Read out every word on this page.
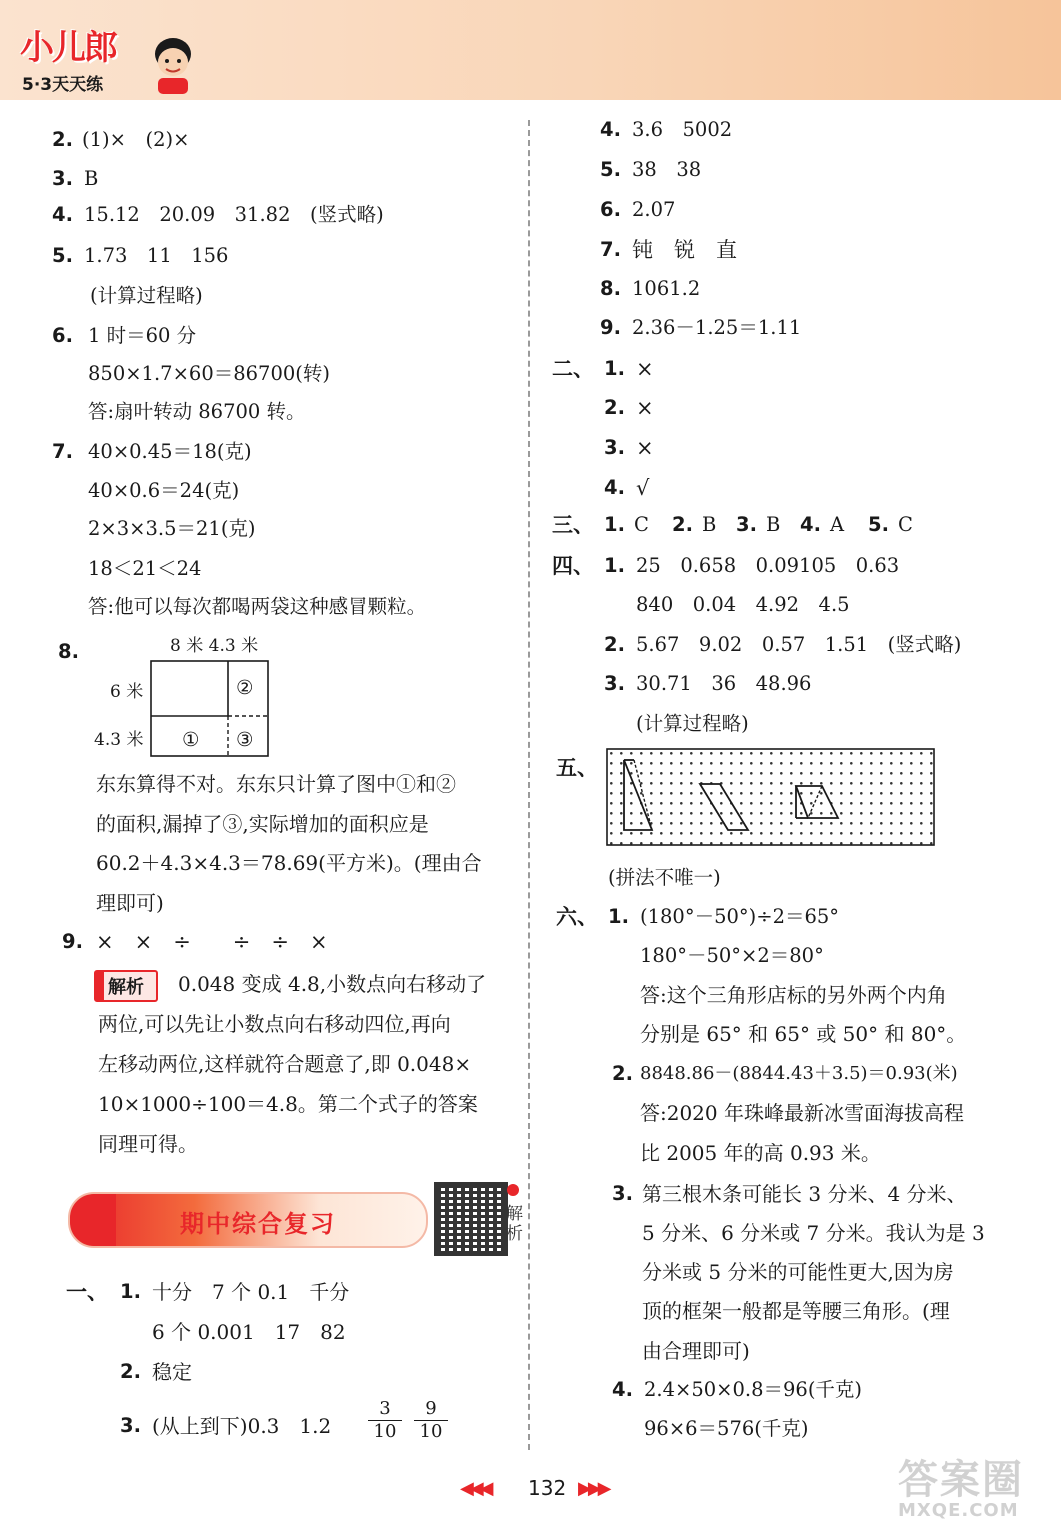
小儿郎
5·3天天练
2. (1)×　(2)×
3. B
4. 15.12　20.09　31.82　(竖式略)
5. 1.73　11　156
(计算过程略)
6. 1 时＝60 分
850×1.7×60＝86700(转)
答:扇叶转动 86700 转。
7. 40×0.45＝18(克)
40×0.6＝24(克)
2×3×3.5＝21(克)
18＜21＜24
答:他可以每次都喝两袋这种感冒颗粒。
8.	8 米 4.3 米
6 米
4.3 米
②
① ③
东东算得不对。东东只计算了图中①和②
的面积,漏掉了③,实际增加的面积应是
60.2＋4.3×4.3＝78.69(平方米)。(理由合
理即可)
9. ×　×　÷　　÷　÷　×
解析 0.048 变成 4.8,小数点向右移动了
两位,可以先让小数点向右移动四位,再向
左移动两位,这样就符合题意了,即 0.048×
10×1000÷100＝4.8。第二个式子的答案
同理可得。
期中综合复习	解析
一、 1. 十分　7 个 0.1　千分
6 个 0.001　17　82
2. 稳定
3. (从上到下)0.3　$1.2 \frac{3}{10} \frac{9}{10}$
4. 3.6　5002
5. 38　38
6. 2.07
7. 钝　锐　直
8. 1061.2
9. 2.36－1.25＝1.11
二、 1. ×
2. ×
3. ×
4. √
三、 1. C 2. B 3. B 4. A 5. C
四、 1. 25　0.658　0.09105　0.63
840　0.04　4.92　4.5
2. 5.67　9.02　0.57　1.51　(竖式略)
3. 30.71　36　48.96
(计算过程略)
五、
(拼法不唯一)
六、 1. (180°－50°)÷2＝65°
180°－50°×2＝80°
答:这个三角形店标的另外两个内角
分别是 65° 和 65° 或 50° 和 80°。
2. 8848.86－(8844.43＋3.5)＝0.93(米)
答:2020 年珠峰最新冰雪面海拔高程
比 2005 年的高 0.93 米。
3. 第三根木条可能长 3 分米、4 分米、
5 分米、6 分米或 7 分米。我认为是 3
分米或 5 分米的可能性更大,因为房
顶的框架一般都是等腰三角形。(理
由合理即可)
4. 2.4×50×0.8＝96(千克)
96×6＝576(千克)
◀◀◀ 132 ▶▶▶	答案圈
MXQE.COM
